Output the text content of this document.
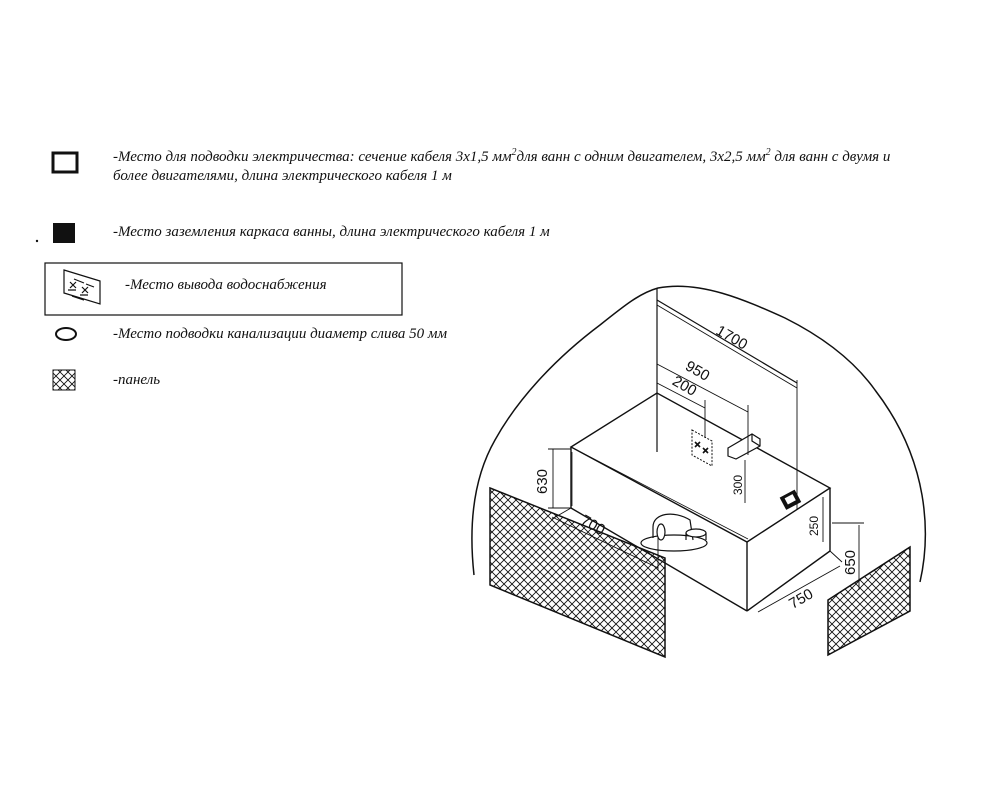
1700
950
200
630	300
250
700
650
750
-Место для подводки электричества: сечение кабеля 3х1,5 $мм^2для$ ванн с одним двигателем, 3х2,5 $мм^2$ для ванн с двумя и
более двигателями, длина электрического кабеля 1 м
-Место заземления каркаса ванны, длина электрического кабеля 1 м
-Место вывода водоснабжения
-Место подводки канализации диаметр слива 50 мм
-панель
